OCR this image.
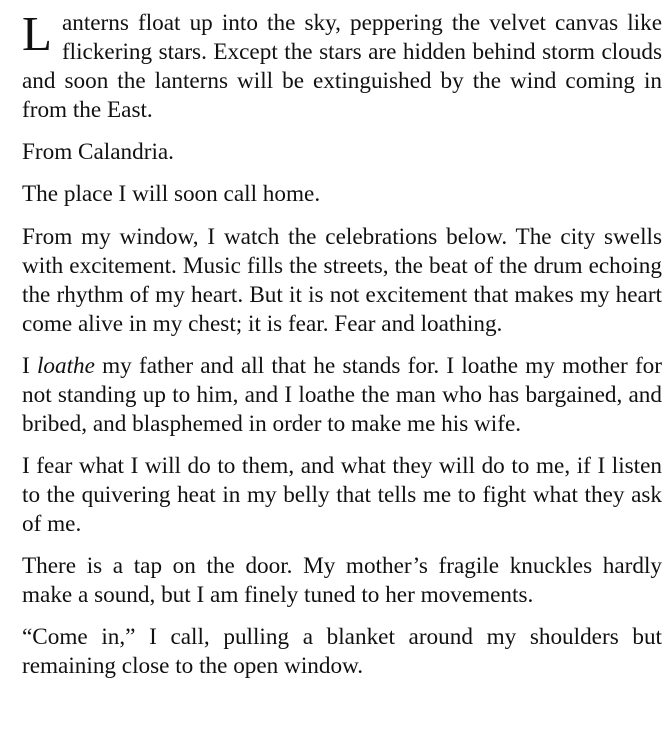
Lanterns float up into the sky, peppering the velvet canvas like flickering stars. Except the stars are hidden behind storm clouds and soon the lanterns will be extinguished by the wind coming in from the East.

From Calandria.

The place I will soon call home.

From my window, I watch the celebrations below. The city swells with excitement. Music fills the streets, the beat of the drum echoing the rhythm of my heart. But it is not excitement that makes my heart come alive in my chest; it is fear. Fear and loathing.

I loathe my father and all that he stands for. I loathe my mother for not standing up to him, and I loathe the man who has bargained, and bribed, and blasphemed in order to make me his wife.

I fear what I will do to them, and what they will do to me, if I listen to the quivering heat in my belly that tells me to fight what they ask of me.

There is a tap on the door. My mother’s fragile knuckles hardly make a sound, but I am finely tuned to her movements.

“Come in,” I call, pulling a blanket around my shoulders but remaining close to the open window.
